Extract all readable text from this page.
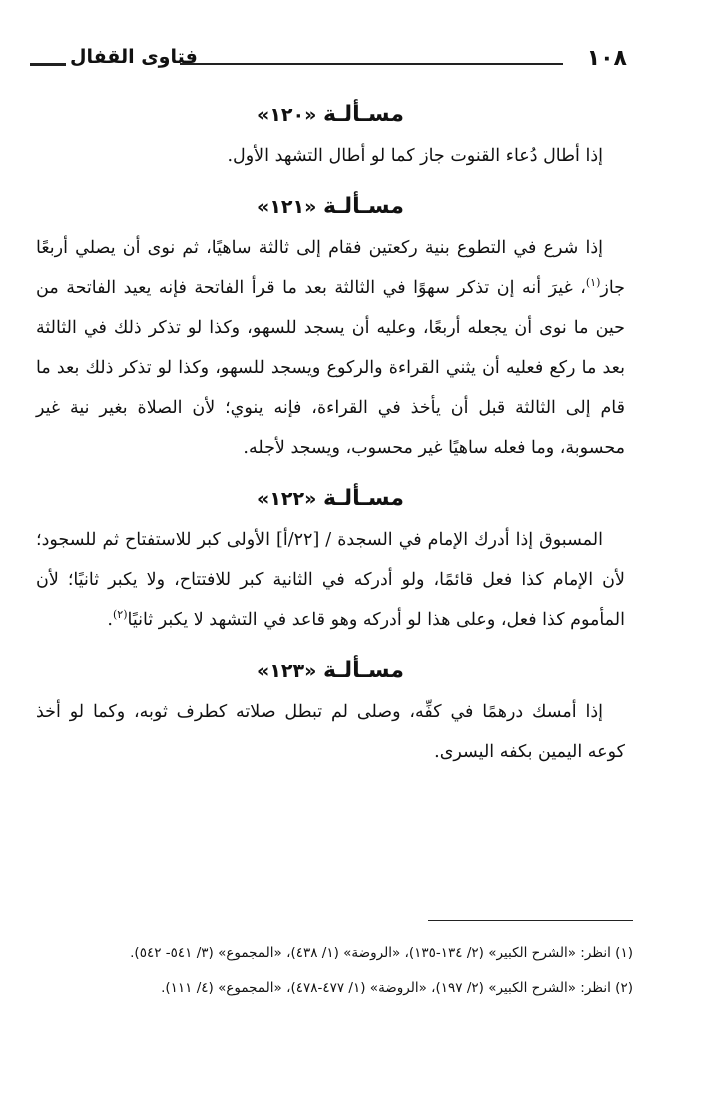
١٠٨
فتاوى القفال
مسـألـة «١٢٠»

إذا أطال دُعاء القنوت جاز كما لو أطال التشهد الأول.

مسـألـة «١٢١»

إذا شرع في التطوع بنية ركعتين فقام إلى ثالثة ساهيًا، ثم نوى أن يصلي أربعًا جاز$^{(١)}$، غيرَ أنه إن تذكر سهوًا في الثالثة بعد ما قرأ الفاتحة فإنه يعيد الفاتحة من حين ما نوى أن يجعله أربعًا، وعليه أن يسجد للسهو، وكذا لو تذكر ذلك في الثالثة بعد ما ركع فعليه أن يثني القراءة والركوع ويسجد للسهو، وكذا لو تذكر ذلك بعد ما قام إلى الثالثة قبل أن يأخذ في القراءة، فإنه ينوي؛ لأن الصلاة بغير نية غير محسوبة، وما فعله ساهيًا غير محسوب، ويسجد لأجله.

مسـألـة «١٢٢»

المسبوق إذا أدرك الإمام في السجدة / [٢٢/أ] الأولى كبر للاستفتاح ثم للسجود؛ لأن الإمام كذا فعل قائمًا، ولو أدركه في الثانية كبر للافتتاح، ولا يكبر ثانيًا؛ لأن المأموم كذا فعل، وعلى هذا لو أدركه وهو قاعد في التشهد لا يكبر ثانيًا$^{(٢)}$.

مسـألـة «١٢٣»

إذا أمسك درهمًا في كفِّه، وصلى لم تبطل صلاته كطرف ثوبه، وكما لو أخذ كوعه اليمين بكفه اليسرى.

(١) انظر: «الشرح الكبير» (٢/ ١٣٤-١٣٥)، «الروضة» (١/ ٤٣٨)، «المجموع» (٣/ ٥٤١- ٥٤٢).

(٢) انظر: «الشرح الكبير» (٢/ ١٩٧)، «الروضة» (١/ ٤٧٧-٤٧٨)، «المجموع» (٤/ ١١١).
